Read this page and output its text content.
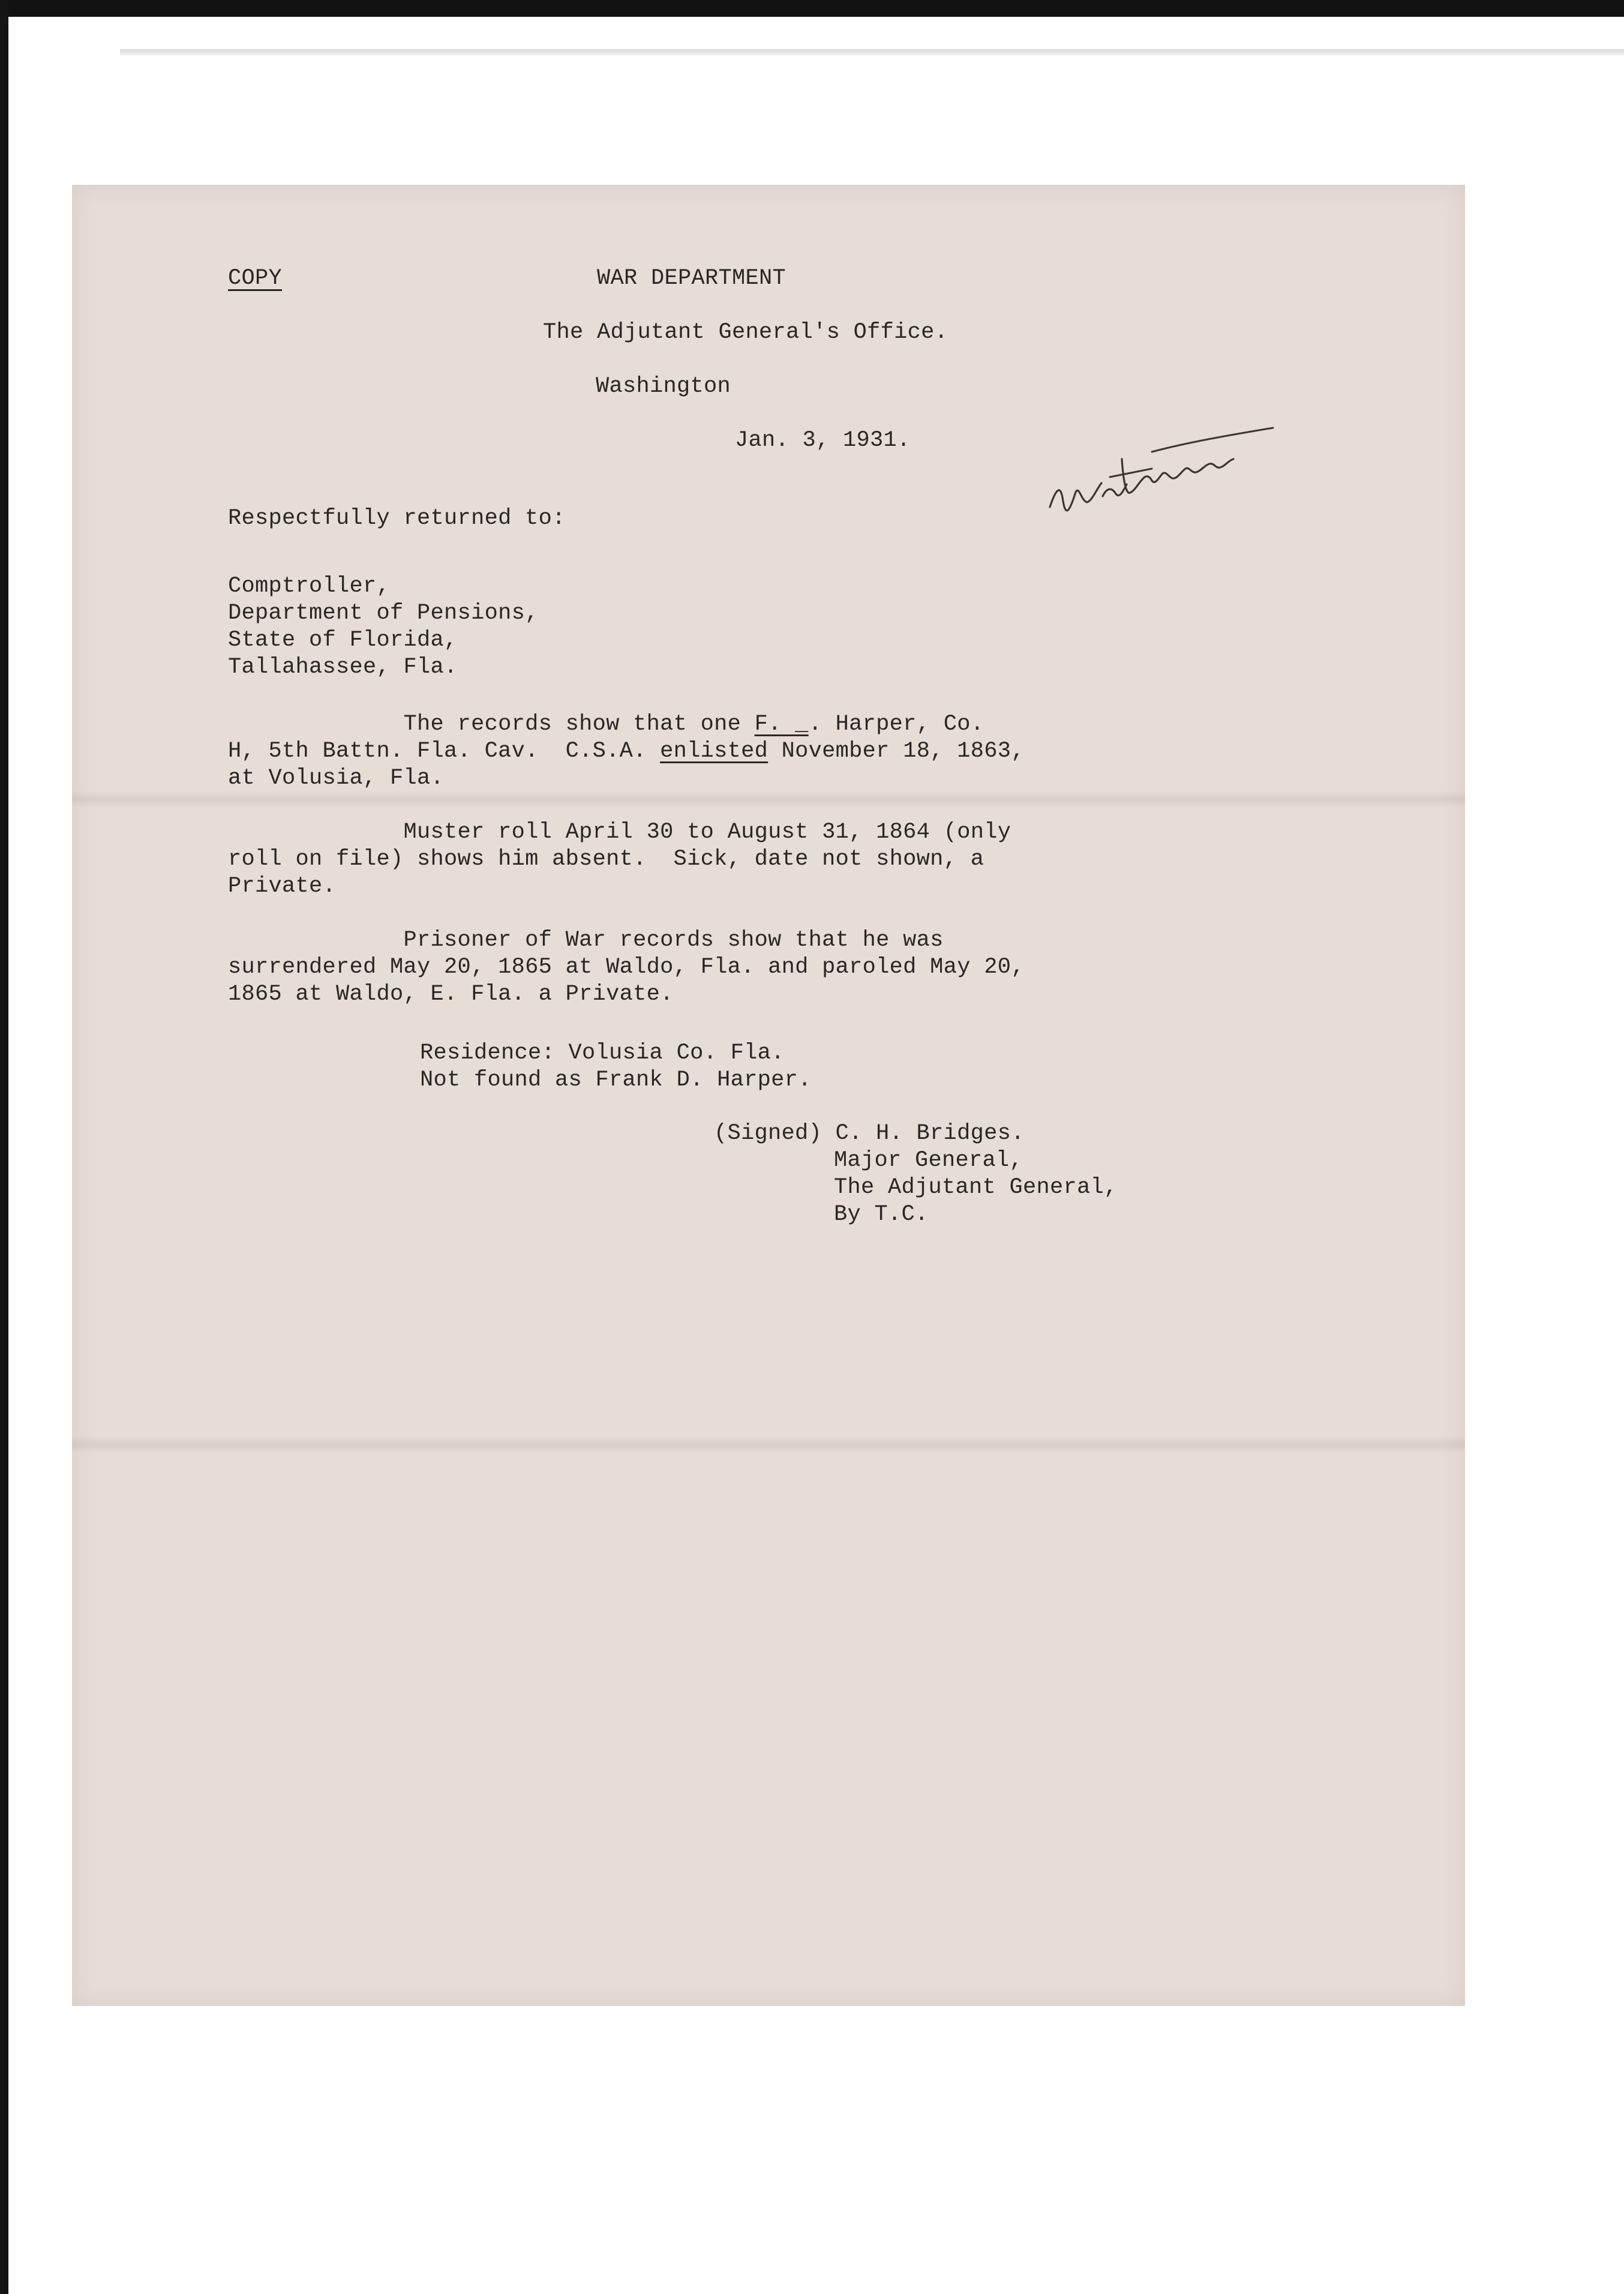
COPY	WAR DEPARTMENT

The Adjutant General's Office.

Washington

Jan. 3, 1931.

Witness

Respectfully returned to:

Comptroller,
Department of Pensions,
State of Florida,
Tallahassee, Fla.
The records show that one F. _. Harper, Co.
H, 5th Battn. Fla. Cav.  C.S.A. enlisted November 18, 1863,
at Volusia, Fla.
Muster roll April 30 to August 31, 1864 (only
roll on file) shows him absent.  Sick, date not shown, a
Private.
Prisoner of War records show that he was
surrendered May 20, 1865 at Waldo, Fla. and paroled May 20,
1865 at Waldo, E. Fla. a Private.
Residence: Volusia Co. Fla.
Not found as Frank D. Harper.

(Signed) C. H. Bridges.

Major General,
The Adjutant General,
By T.C.
